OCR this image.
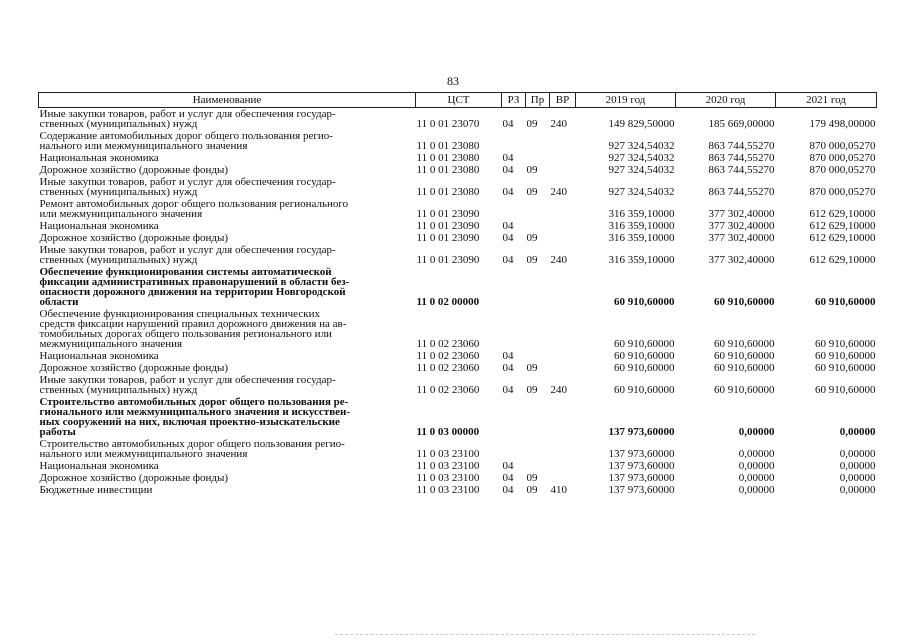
83
Наименование	ЦСТ	РЗ	Пр	ВР	2019 год	2020 год	2021 год
Иные закупки товаров, работ и услуг для обеспечения государ-
ственных (муниципальных) нужд	11 0 01 23070	04	09	240	149 829,50000	185 669,00000	179 498,00000
Содержание автомобильных дорог общего пользования регио-
нального или межмуниципального значения	11 0 01 23080				927 324,54032	863 744,55270	870 000,05270
Национальная экономика	11 0 01 23080	04			927 324,54032	863 744,55270	870 000,05270
Дорожное хозяйство (дорожные фонды)	11 0 01 23080	04	09		927 324,54032	863 744,55270	870 000,05270
Иные закупки товаров, работ и услуг для обеспечения государ-
ственных (муниципальных) нужд	11 0 01 23080	04	09	240	927 324,54032	863 744,55270	870 000,05270
Ремонт автомобильных дорог общего пользования регионального
или межмуниципального значения	11 0 01 23090				316 359,10000	377 302,40000	612 629,10000
Национальная экономика	11 0 01 23090	04			316 359,10000	377 302,40000	612 629,10000
Дорожное хозяйство (дорожные фонды)	11 0 01 23090	04	09		316 359,10000	377 302,40000	612 629,10000
Иные закупки товаров, работ и услуг для обеспечения государ-
ственных (муниципальных) нужд	11 0 01 23090	04	09	240	316 359,10000	377 302,40000	612 629,10000
Обеспечение функционирования системы автоматической
фиксации административных правонарушений в области без-
опасности дорожного движения на территории Новгородской
области	11 0 02 00000				60 910,60000	60 910,60000	60 910,60000
Обеспечение функционирования специальных технических
средств фиксации нарушений правил дорожного движения на ав-
томобильных дорогах общего пользования регионального или
межмуниципального значения	11 0 02 23060				60 910,60000	60 910,60000	60 910,60000
Национальная экономика	11 0 02 23060	04			60 910,60000	60 910,60000	60 910,60000
Дорожное хозяйство (дорожные фонды)	11 0 02 23060	04	09		60 910,60000	60 910,60000	60 910,60000
Иные закупки товаров, работ и услуг для обеспечения государ-
ственных (муниципальных) нужд	11 0 02 23060	04	09	240	60 910,60000	60 910,60000	60 910,60000
Строительство автомобильных дорог общего пользования ре-
гионального или межмуниципального значения и искусствен-
ных сооружений на них, включая проектно-изыскательские
работы	11 0 03 00000				137 973,60000	0,00000	0,00000
Строительство автомобильных дорог общего пользования регио-
нального или межмуниципального значения	11 0 03 23100				137 973,60000	0,00000	0,00000
Национальная экономика	11 0 03 23100	04			137 973,60000	0,00000	0,00000
Дорожное хозяйство (дорожные фонды)	11 0 03 23100	04	09		137 973,60000	0,00000	0,00000
Бюджетные инвестиции	11 0 03 23100	04	09	410	137 973,60000	0,00000	0,00000
